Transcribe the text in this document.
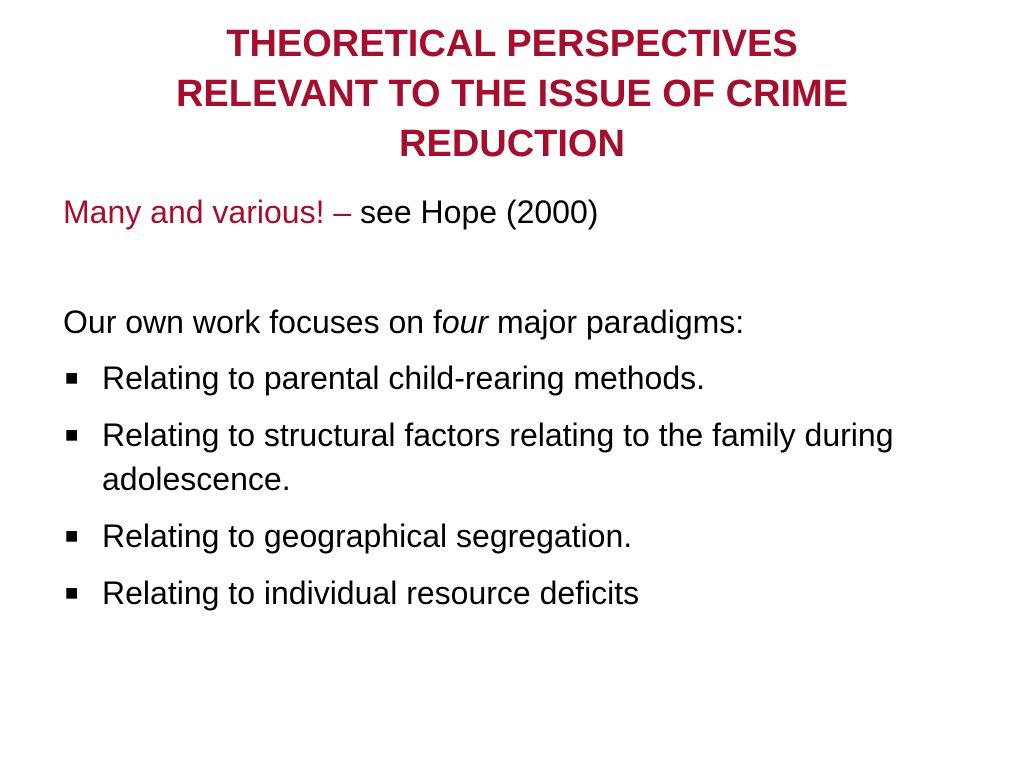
THEORETICAL PERSPECTIVES
RELEVANT TO THE ISSUE OF CRIME
REDUCTION

Many and various! – see Hope (2000)

Our own work focuses on four major paradigms:

■ Relating to parental child-rearing methods.
■ Relating to structural factors relating to the family during adolescence.
■ Relating to geographical segregation.
■ Relating to individual resource deficits
